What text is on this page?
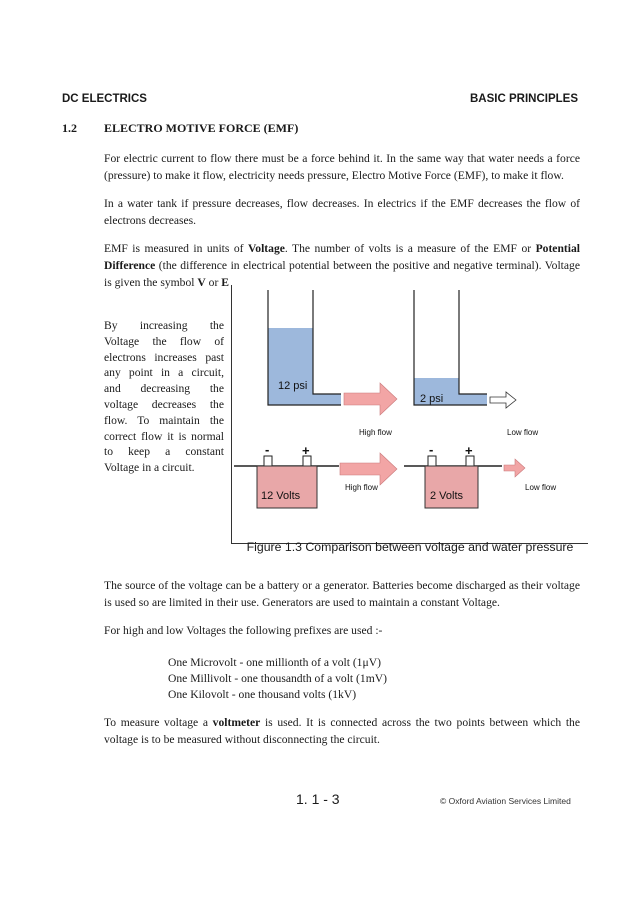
DC ELECTRICS	BASIC PRINCIPLES
1.2 ELECTRO MOTIVE FORCE (EMF)
For electric current to flow there must be a force behind it. In the same way that water needs a force (pressure) to make it flow, electricity needs pressure, Electro Motive Force (EMF), to make it flow.
In a water tank if pressure decreases, flow decreases. In electrics if the EMF decreases the flow of electrons decreases.
EMF is measured in units of Voltage. The number of volts is a measure of the EMF or Potential Difference (the difference in electrical potential between the positive and negative terminal). Voltage is given the symbol V or E
By increasing the
Voltage the flow of
electrons increases past
any point in a circuit,
and decreasing the
voltage decreases the
flow. To maintain the
correct flow it is normal
to keep a constant
Voltage in a circuit.
12 psi
High flow
2 psi
Low flow
-	+
12 Volts
High flow
- +
2 Volts
Low flow
Figure 1.3 Comparison between voltage and water pressure
The source of the voltage can be a battery or a generator. Batteries become discharged as their voltage is used so are limited in their use. Generators are used to maintain a constant Voltage.
For high and low Voltages the following prefixes are used :-
One Microvolt - one millionth of a volt (1μV)
One Millivolt - one thousandth of a volt (1mV)
One Kilovolt - one thousand volts (1kV)
To measure voltage a voltmeter is used. It is connected across the two points between which the voltage is to be measured without disconnecting the circuit.
1. 1 - 3	© Oxford Aviation Services Limited
